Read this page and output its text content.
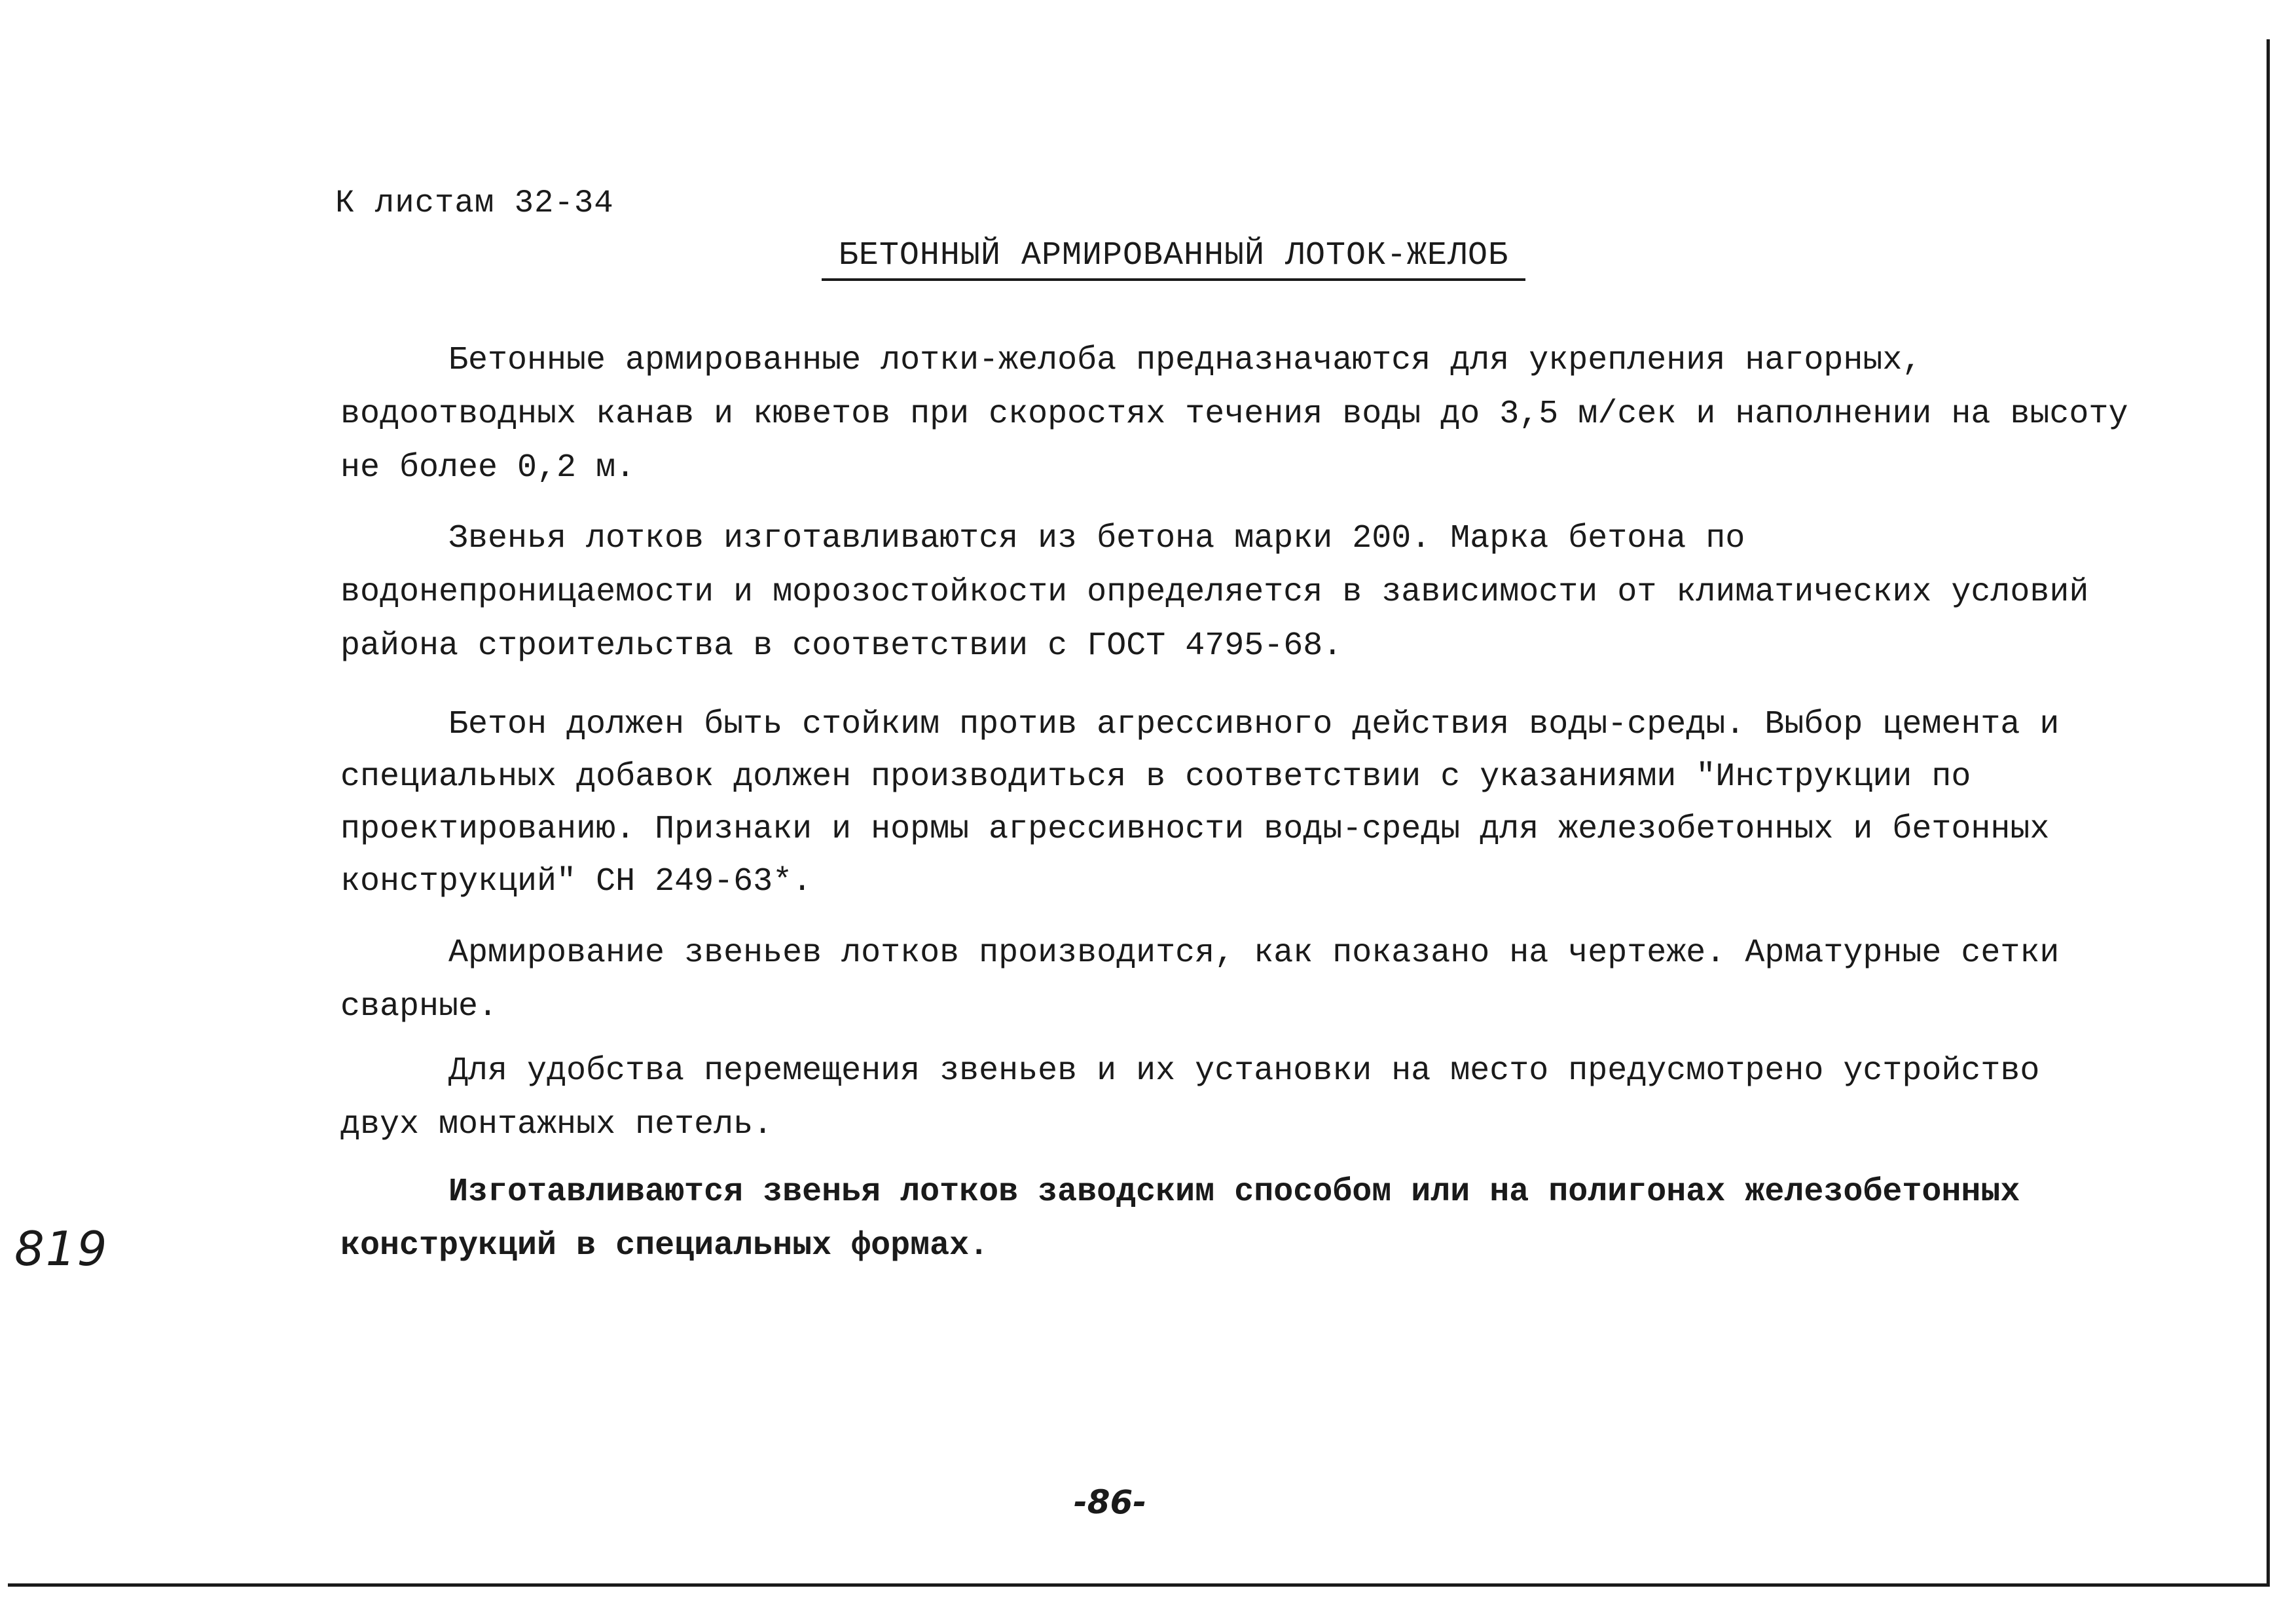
К листам 32-34
БЕТОННЫЙ АРМИРОВАННЫЙ ЛОТОК-ЖЕЛОБ
Бетонные армированные лотки-желоба предназначаются для укрепления нагорных, водоотводных канав и кюветов при скоростях течения воды до 3,5 м/сек и наполнении на высоту не более 0,2 м.
Звенья лотков изготавливаются из бетона марки 200. Марка бетона по водонепроницаемости и морозостойкости определяется в зависимости от климатических условий района строительства в соответствии с ГОСТ 4795-68.
Бетон должен быть стойким против агрессивного действия воды-среды. Выбор цемента и специальных добавок должен производиться в соответствии с указаниями "Инструкции по проектированию. Признаки и нормы агрессивности воды-среды для железобетонных и бетонных конструкций" СН 249-63*.
Армирование звеньев лотков производится, как показано на чертеже. Арматурные сетки сварные.
Для удобства перемещения звеньев и их установки на место предусмотрено устройство двух монтажных петель.
Изготавливаются звенья лотков заводским способом или на полигонах железобетонных конструкций в специальных формах.
819
-86-
